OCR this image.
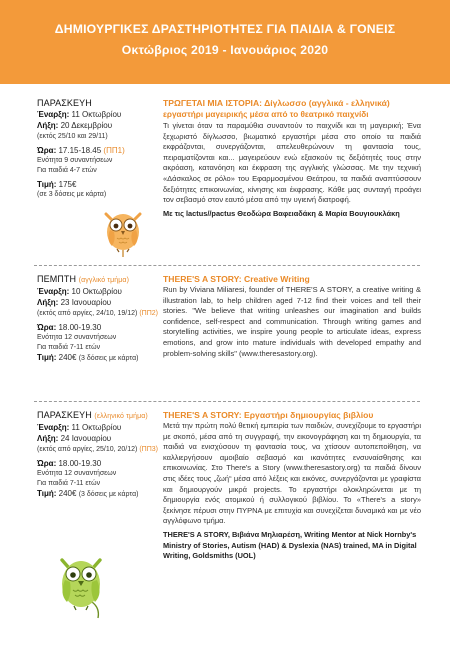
ΔΗΜΙΟΥΡΓΙΚΕΣ ΔΡΑΣΤΗΡΙΟΤΗΤΕΣ ΓΙΑ ΠΑΙΔΙΑ & ΓΟΝΕΙΣ
Οκτώβριος 2019 - Ιανουάριος 2020
ΠΑΡΑΣΚΕΥΗ
Έναρξη: 11 Οκτωβρίου
Λήξη: 20 Δεκεμβρίου
(εκτός 25/10 και 29/11)
Ώρα: 17.15-18.45 (ΠΠ1)
Ενότητα 9 συναντήσεων
Για παιδιά 4-7 ετών
Τιμή: 175€
(σε 3 δόσεις με κάρτα)
ΤΡΩΓΕΤΑΙ ΜΙΑ ΙΣΤΟΡΙΑ: Δίγλωσσο (αγγλικά - ελληνικά)
εργαστήρι μαγειρικής μέσα από το θεατρικό παιχνίδι
Τι γίνεται όταν τα παραμύθια συναντούν το παιχνίδι και τη μαγειρική; Ένα ξεχωριστό δίγλωσσο, βιωματικό εργαστήρι μέσα στο οποίο τα παιδιά εκφράζονται, συνεργάζονται, απελευθερώνουν τη φαντασία τους, πειραματίζονται και... μαγειρεύουν ενώ εξασκούν τις δεξιότητές τους στην ακρόαση, κατανόηση και έκφραση της αγγλικής γλώσσας. Με την τεχνική «Δάσκαλος σε ρόλο» του Εφαρμοσμένου Θεάτρου, τα παιδιά αναπτύσσουν δεξιότητες επικοινωνίας, κίνησης και έκφρασης. Κάθε μας συνταγή προάγει τον σεβασμό στον εαυτό μέσα από την υγιεινή διατροφή.
Με τις lactus//pactus Θεοδώρα Βαφειαδάκη & Μαρία Βουγιουκλάκη
ΠΕΜΠΤΗ (αγγλικό τμήμα)
Έναρξη: 10 Οκτωβρίου
Λήξη: 23 Ιανουαρίου
(εκτός από αργίες, 24/10, 19/12) (ΠΠ2)
Ώρα: 18.00-19.30
Ενότητα 12 συναντήσεων
Για παιδιά 7-11 ετών
Τιμή: 240€ (3 δόσεις με κάρτα)
THERE'S A STORY: Creative Writing
Run by Viviana Miliaresi, founder of THERE'S A STORY, a creative writing & illustration lab, to help children aged 7-12 find their voices and tell their stories. "We believe that writing unleashes our imagination and builds confidence, self-respect and communication. Through writing games and storytelling activities, we inspire young people to articulate ideas, express emotions, and grow into mature individuals with developed empathy and problem-solving skills" (www.theresastory.org).
ΠΑΡΑΣΚΕΥΗ (ελληνικό τμήμα)
Έναρξη: 11 Οκτωβρίου
Λήξη: 24 Ιανουαρίου
(εκτός από αργίες, 25/10, 20/12) (ΠΠ3)
Ώρα: 18.00-19.30
Ενότητα 12 συναντήσεων
Για παιδιά 7-11 ετών
Τιμή: 240€ (3 δόσεις με κάρτα)
THERE'S A STORY: Εργαστήρι δημιουργίας βιβλίου
Μετά την πρώτη πολύ θετική εμπειρία των παιδιών, συνεχίζουμε το εργαστήρι με σκοπό, μέσα από τη συγγραφή, την εικονογράφηση και τη δημιουργία, τα παιδιά να ενισχύσουν τη φαντασία τους, να χτίσουν αυτοπεποίθηση, να καλλιεργήσουν αμοιβαίο σεβασμό και ικανότητες ενσυναίσθησης και επικοινωνίας. Στο There's a Story (www.theresastory.org) τα παιδιά δίνουν στις ιδέες τους „ζωή“ μέσα από λέξεις και εικόνες, συνεργάζονται με γραφίστα και δημιουργούν μικρά projects. Το εργαστήρι ολοκληρώνεται με τη δημιουργία ενός ατομικού ή συλλογικού βιβλίου. Το «There's a story» ξεκίνησε πέρυσι στην ΠΥΡΝΑ με επιτυχία και συνεχίζεται δυναμικά και με νέο αγγλόφωνο τμήμα.
THERE'S A STORY, Βιβιάνα Μηλιαρέση, Writing Mentor at Nick Hornby's Ministry of Stories, Autism (HAD) & Dyslexia (NAS) trained, MA in Digital Writing, Goldsmiths (UOL)
